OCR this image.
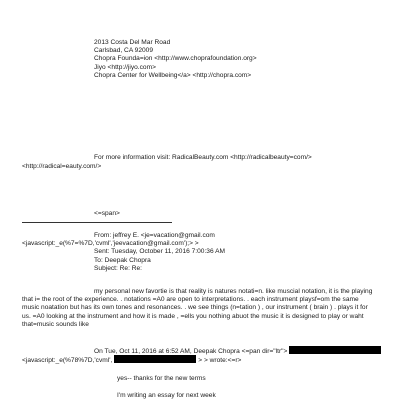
2013 Costa Del Mar Road
Carlsbad, CA 92009
Chopra Founda=ion <http://www.choprafoundation.org>
Jiyo <http://jiyo.com>
Chopra Center for Wellbeing</a> <http://chopra.com>
For more information visit: RadicalBeauty.com <http://radicalbeauty=com/>
<http://radical=eauty.com/>
<=span>
From: jeffrey E. <je=vacation@gmail.com
<javascript:_e(%7=%7D,'cvml','jeevacation@gmail.com');> >
Sent: Tuesday, October 11, 2016 7:00:36 AM
To: Deepak Chopra
Subject: Re: Re:
my personal new favortie is that reality is natures notati=n. like muscial notation, it is the playing that i= the root of the experience. . notations =A0 are open to interpretations. . each instrument playsf=om the same music noatation but has its own tones and resonances. . we see things (n=tation ) , our instrument ( brain ) . plays it for us. =A0 looking at the instrument and how it is made , =ells you nothing abuot the music it is designed to play or waht that=music sounds like
On Tue, Oct 11, 2016 at 6:52 AM, Deepak Chopra <=pan dir="ltr">
<javascript:_e(%78%7D,'cvml',	> > wrote:<=r>
yes-- thanks for the new terms
I'm writing an essay for next week
